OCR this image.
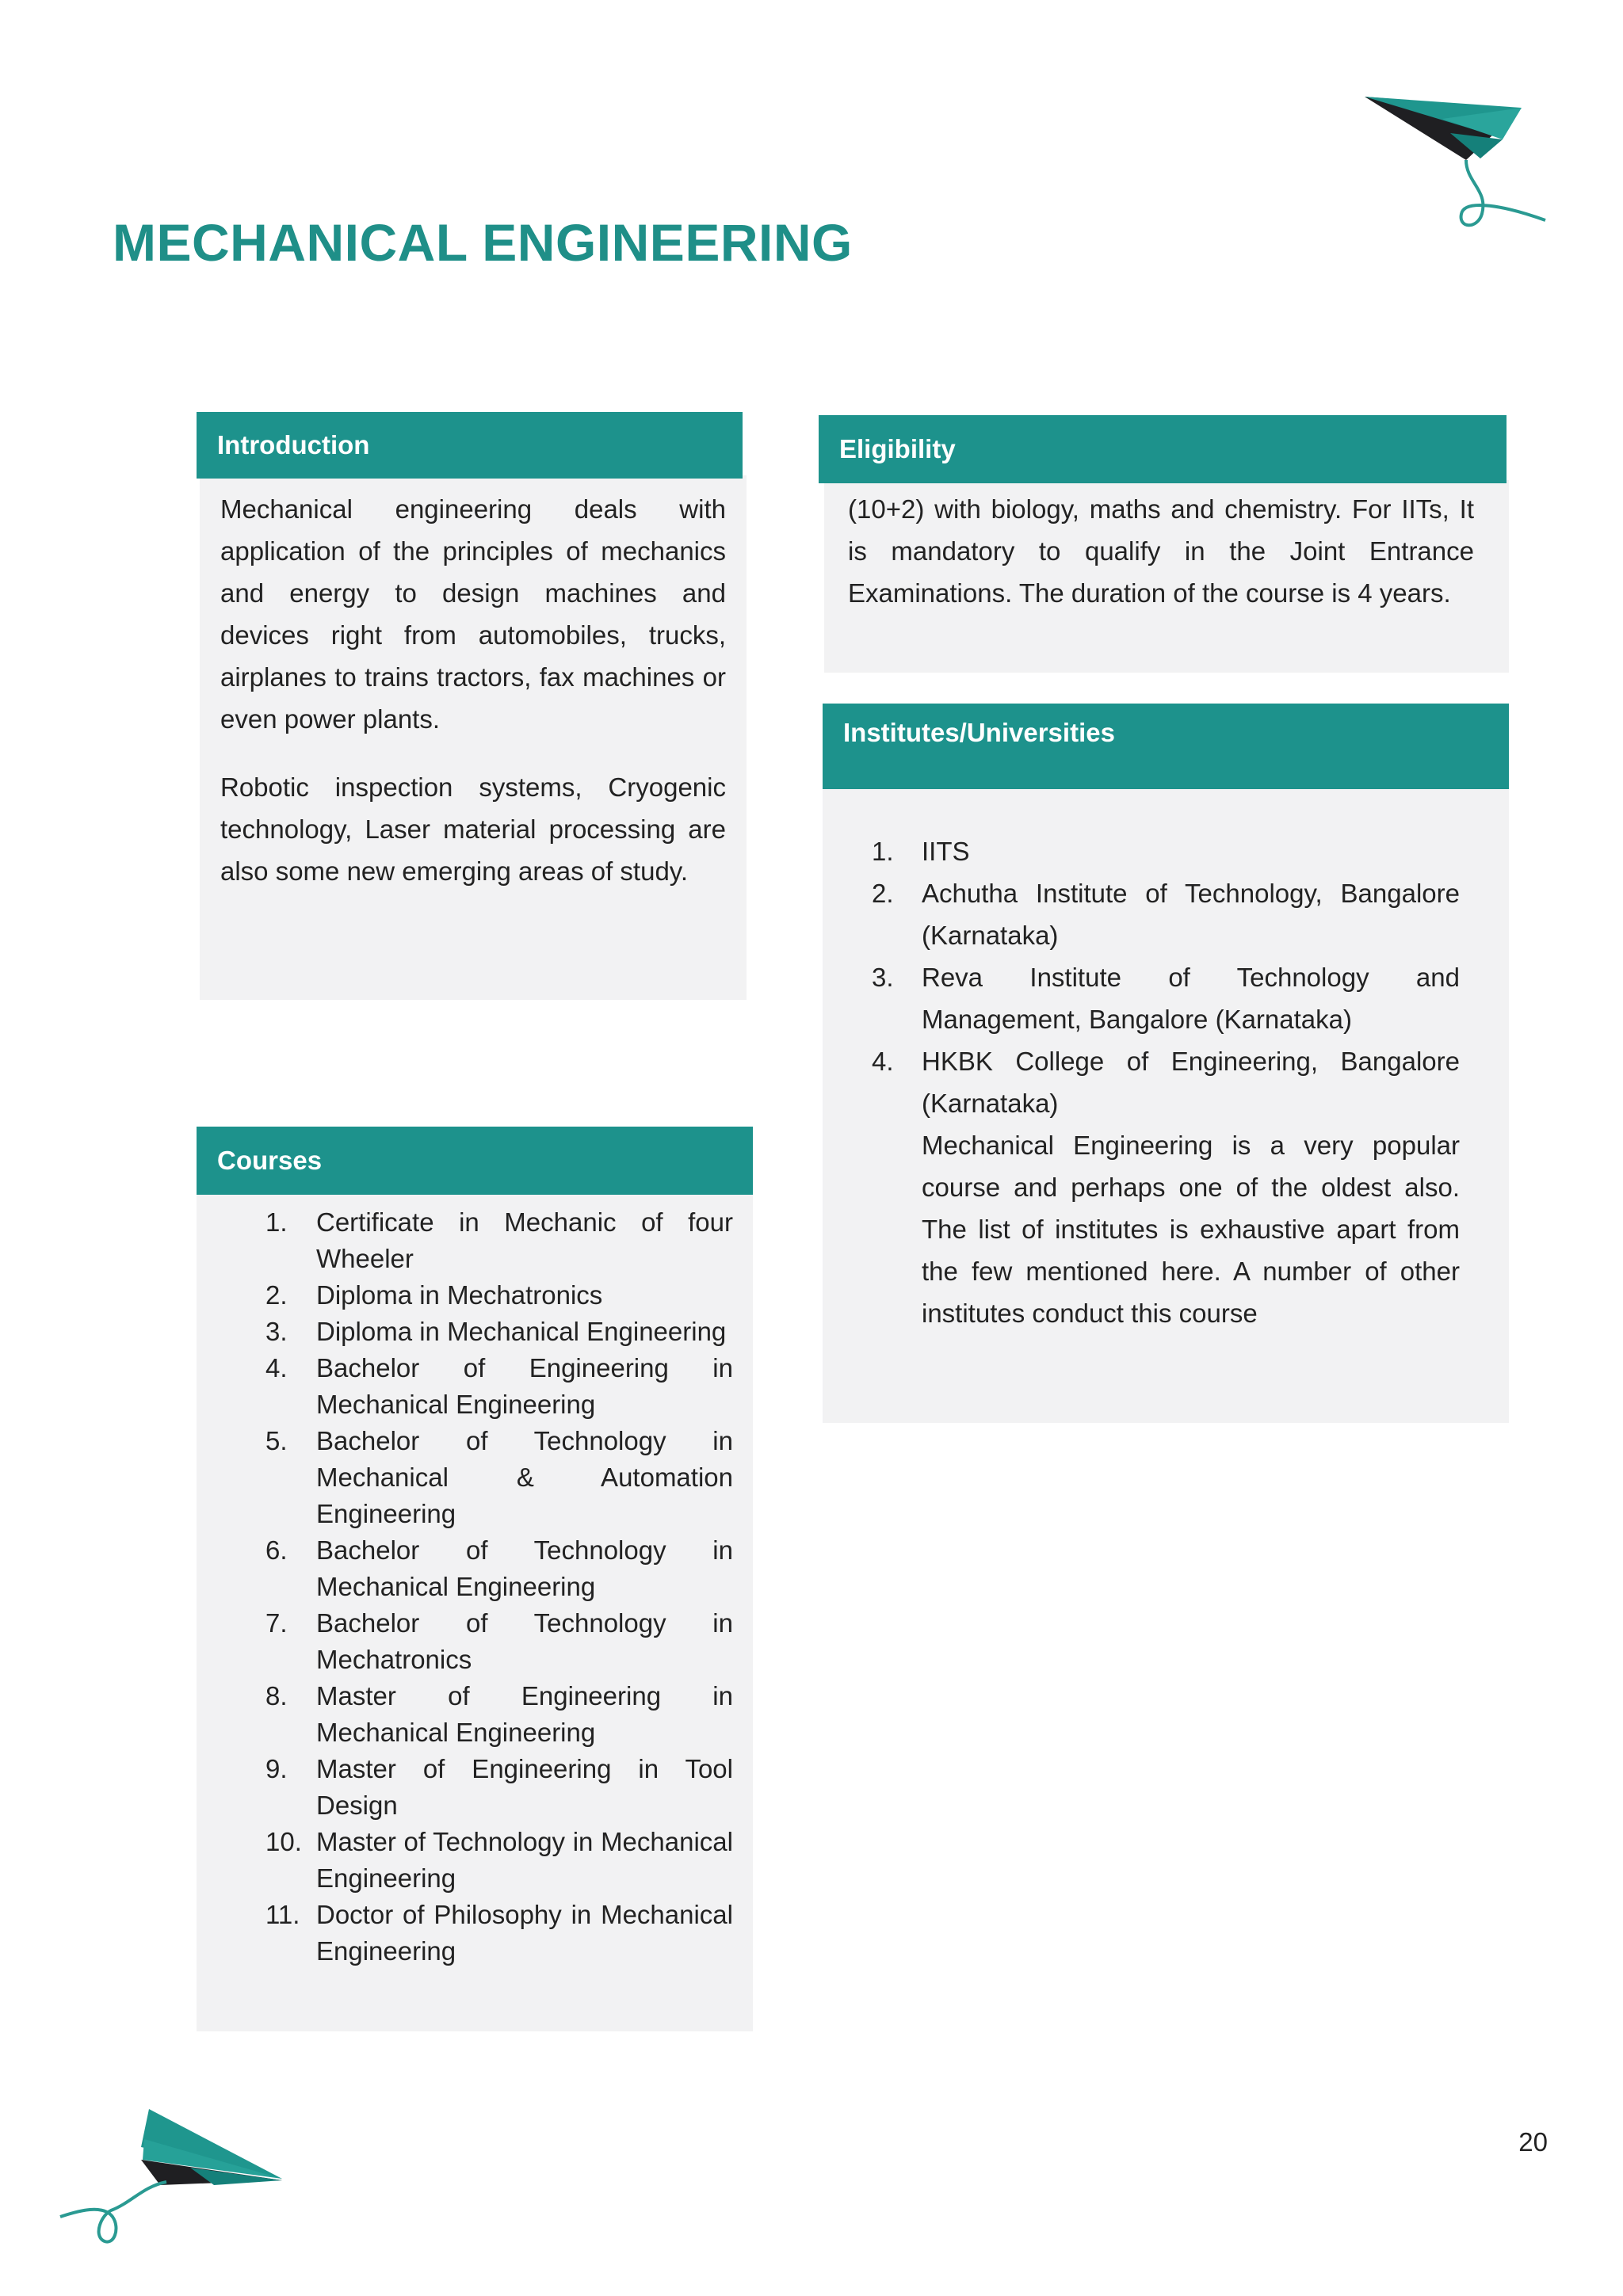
MECHANICAL ENGINEERING
Introduction

Mechanical engineering deals with application of the principles of mechanics and energy to design machines and devices right from automobiles, trucks, airplanes to trains tractors, fax machines or even power plants.

Robotic inspection systems, Cryogenic technology, Laser material processing are also some new emerging areas of study.

Eligibility

(10+2) with biology, maths and chemistry. For IITs, It is mandatory to qualify in the Joint Entrance Examinations. The duration of the course is 4 years.

Institutes/Universities
1. IITS
2. Achutha Institute of Technology, Bangalore (Karnataka)
3. Reva Institute of Technology and Management, Bangalore (Karnataka)
4. HKBK College of Engineering, Bangalore (Karnataka)

Mechanical Engineering is a very popular course and perhaps one of the oldest also. The list of institutes is exhaustive apart from the few mentioned here. A number of other institutes conduct this course

Courses
1. Certificate in Mechanic of four Wheeler
2. Diploma in Mechatronics
3. Diploma in Mechanical Engineering
4. Bachelor of Engineering in Mechanical Engineering
5. Bachelor of Technology in Mechanical & Automation Engineering
6. Bachelor of Technology in Mechanical Engineering
7. Bachelor of Technology in Mechatronics
8. Master of Engineering in Mechanical Engineering
9. Master of Engineering in Tool Design
10. Master of Technology in Mechanical Engineering
11. Doctor of Philosophy in Mechanical Engineering
20
